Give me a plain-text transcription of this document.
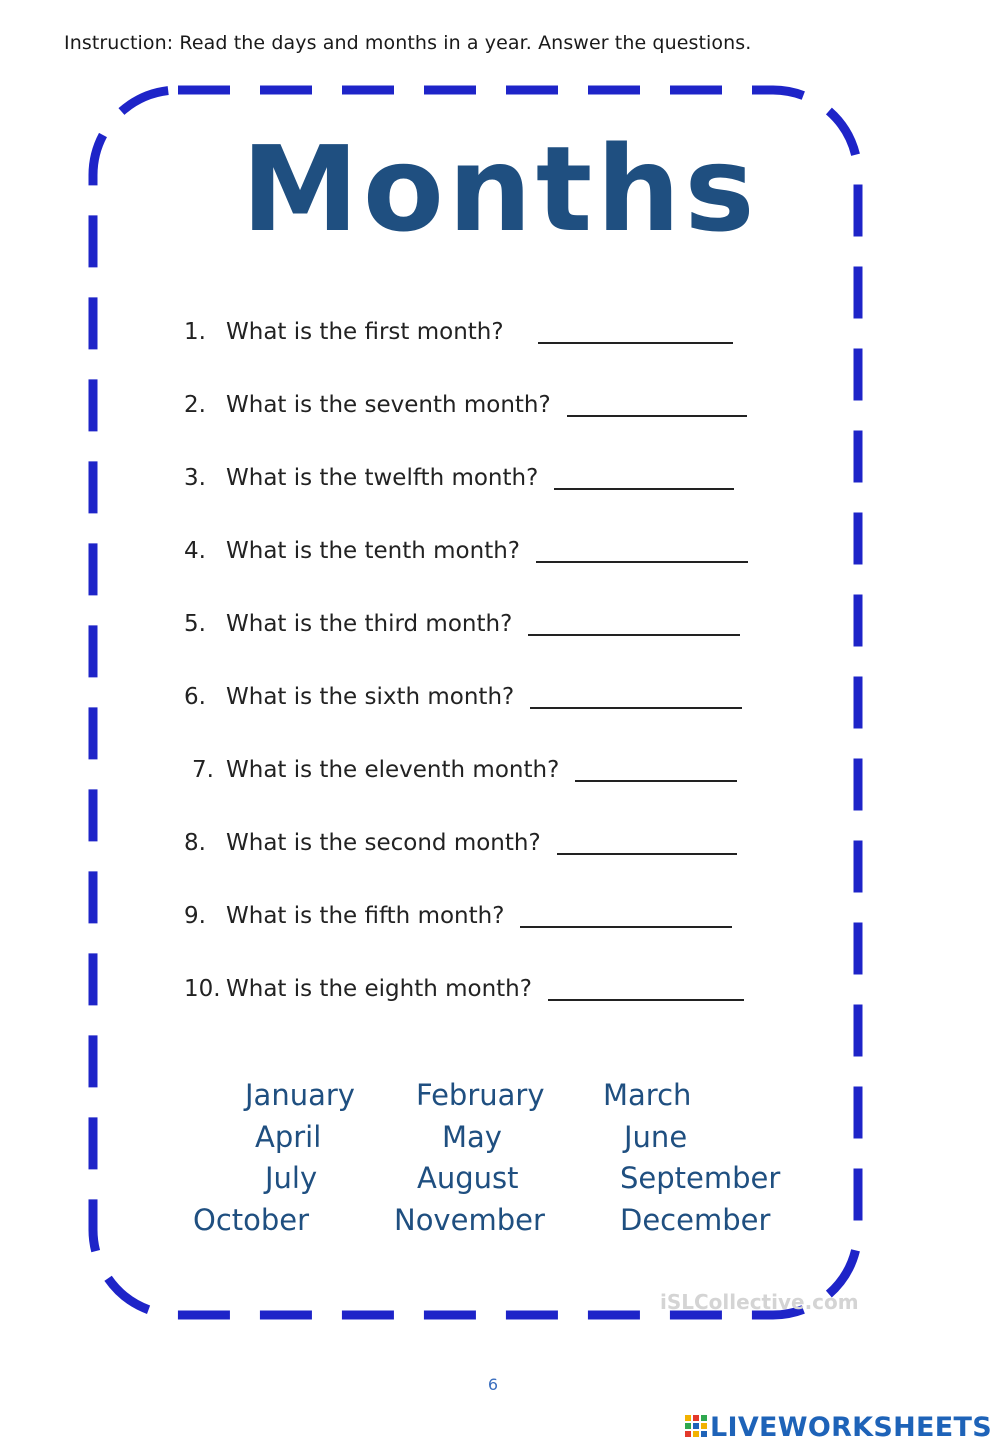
Instruction: Read the days and months in a year. Answer the questions.
Months
1. What is the first month?
2. What is the seventh month?
3. What is the twelfth month?
4. What is the tenth month?
5. What is the third month?
6. What is the sixth month?
7. What is the eleventh month?
8. What is the second month?
9. What is the fifth month?
10. What is the eighth month?
January February March
April	May	June
July	August	September
October	November	December
iSLCollective.com
6
LIVEWORKSHEETS
